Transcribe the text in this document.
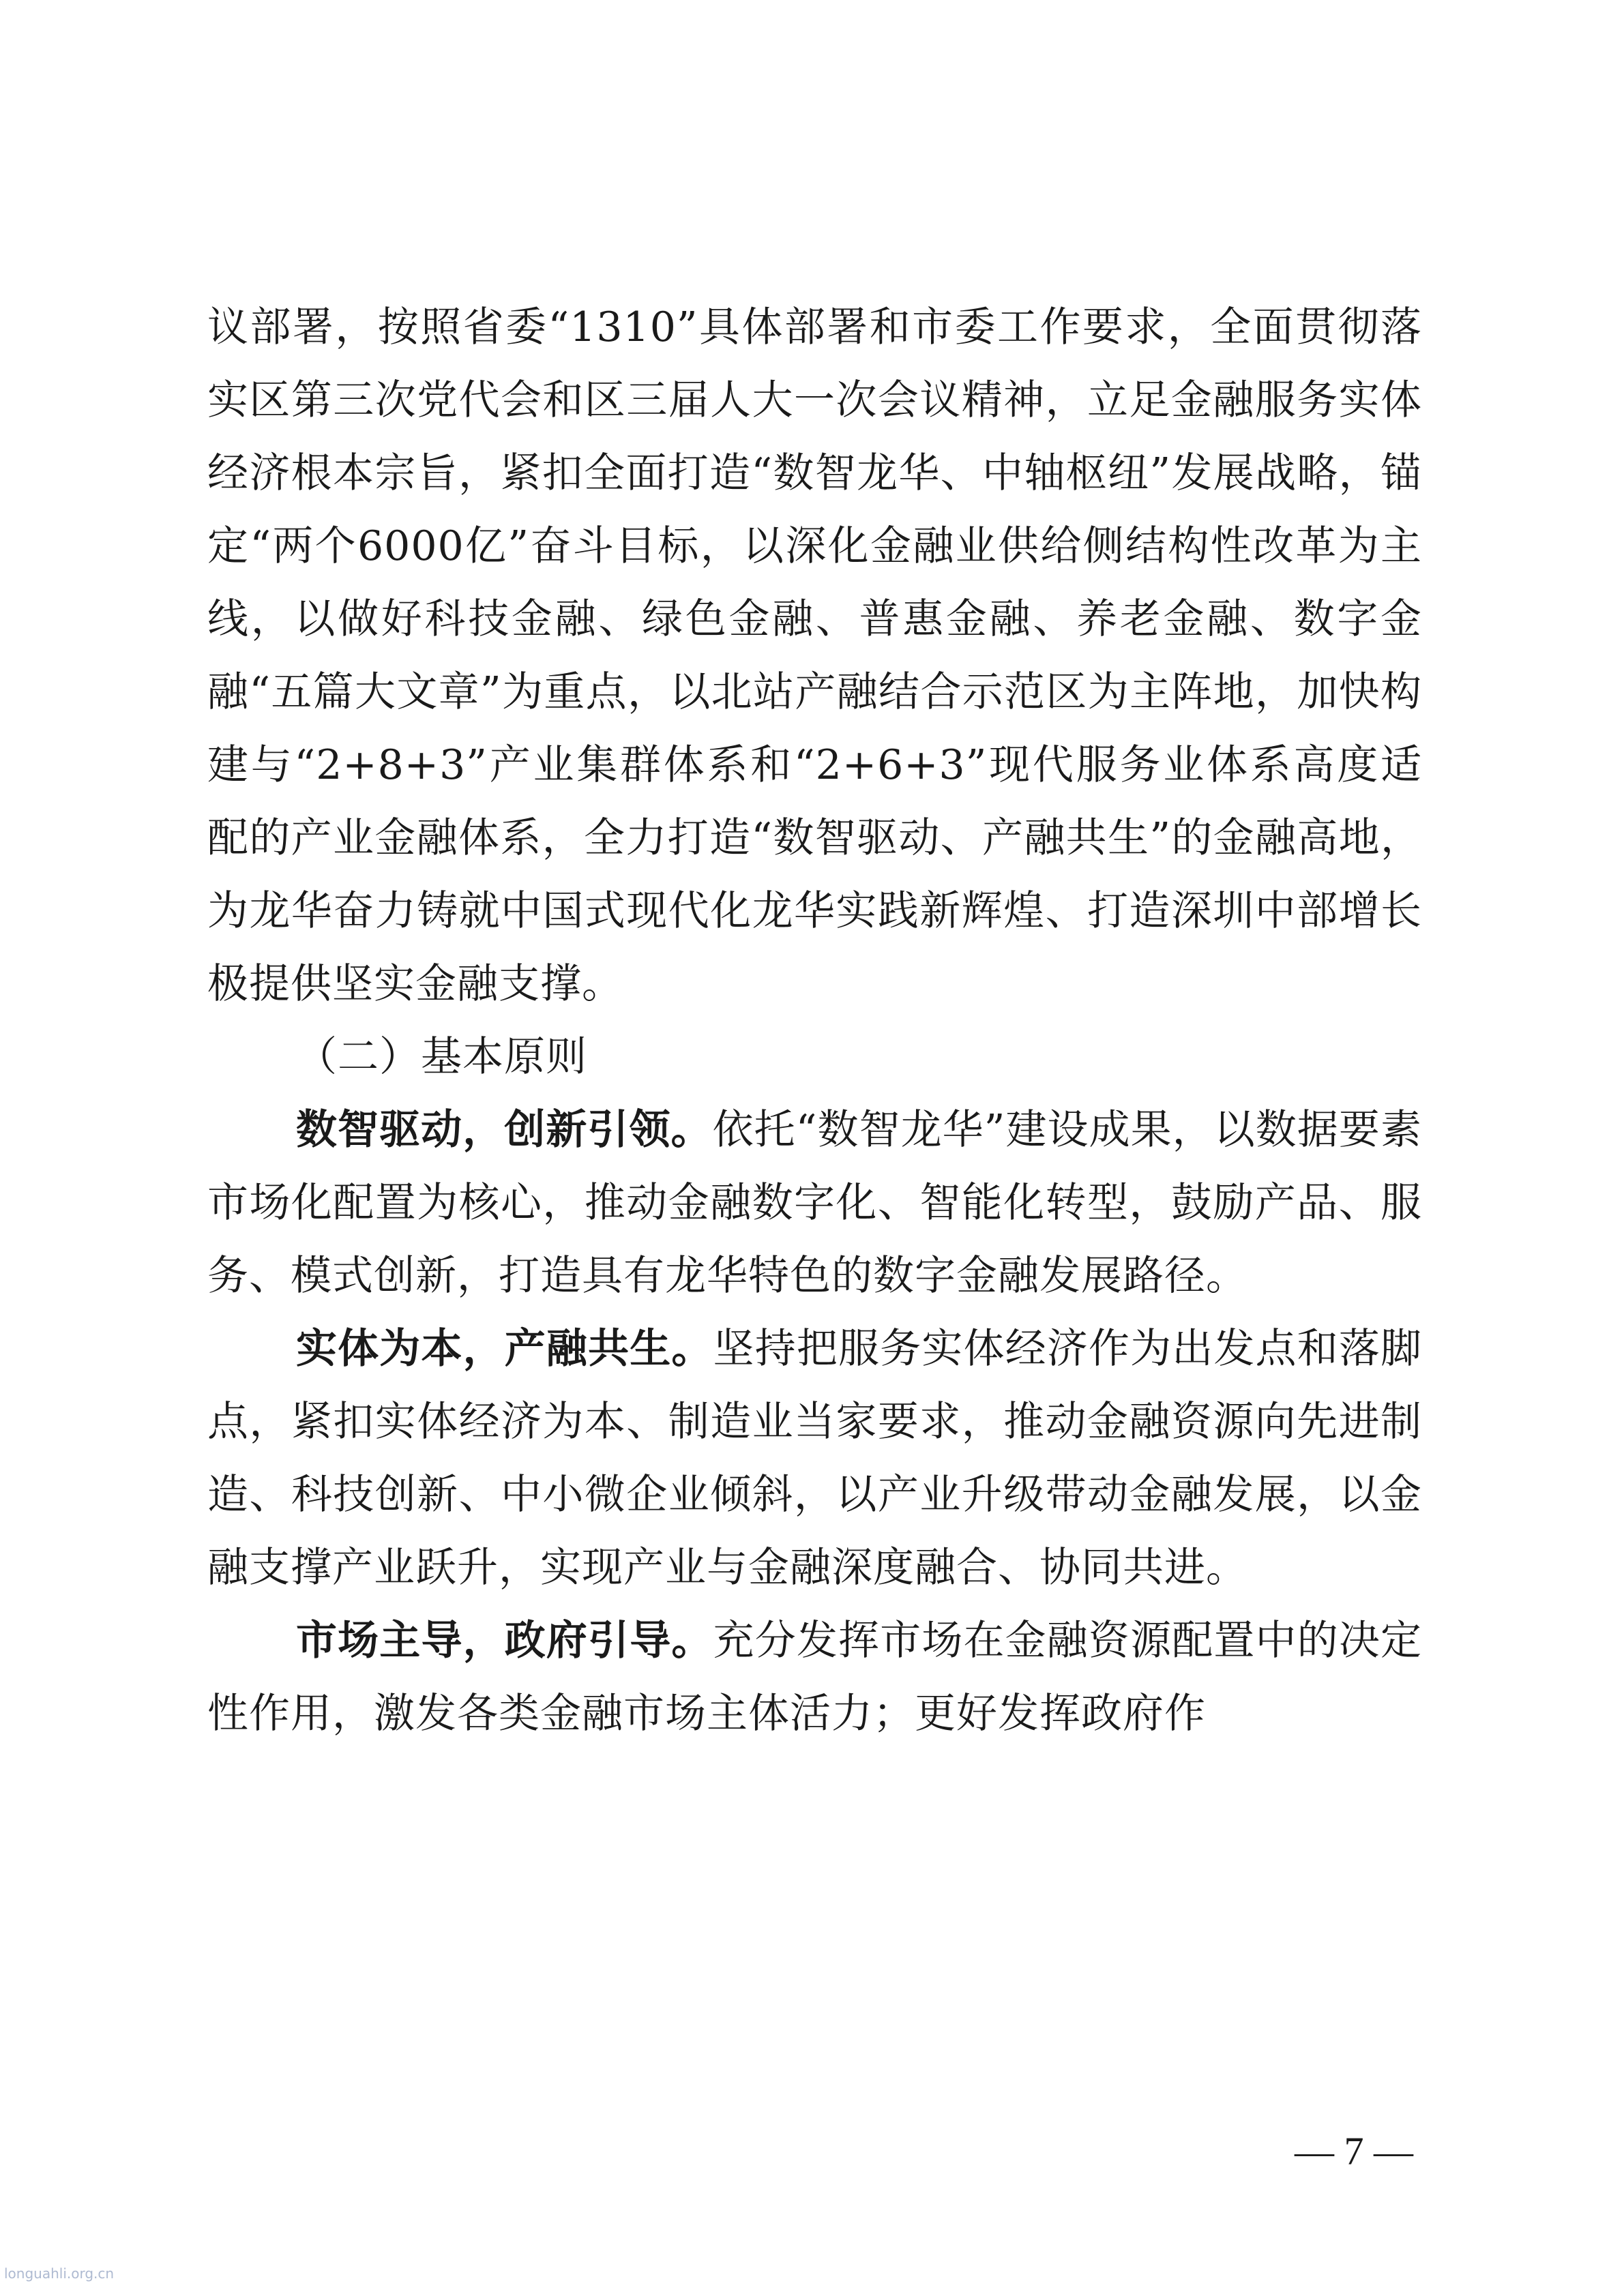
议部署，按照省委“1310”具体部署和市委工作要求，全面贯彻落实区第三次党代会和区三届人大一次会议精神，立足金融服务实体经济根本宗旨，紧扣全面打造“数智龙华、中轴枢纽”发展战略，锚定“两个6000亿”奋斗目标，以深化金融业供给侧结构性改革为主线，以做好科技金融、绿色金融、普惠金融、养老金融、数字金融“五篇大文章”为重点，以北站产融结合示范区为主阵地，加快构建与“2+8+3”产业集群体系和“2+6+3”现代服务业体系高度适配的产业金融体系，全力打造“数智驱动、产融共生”的金融高地，为龙华奋力铸就中国式现代化龙华实践新辉煌、打造深圳中部增长极提供坚实金融支撑。

（二）基本原则

数智驱动，创新引领。依托“数智龙华”建设成果，以数据要素市场化配置为核心，推动金融数字化、智能化转型，鼓励产品、服务、模式创新，打造具有龙华特色的数字金融发展路径。

实体为本，产融共生。坚持把服务实体经济作为出发点和落脚点，紧扣实体经济为本、制造业当家要求，推动金融资源向先进制造、科技创新、中小微企业倾斜，以产业升级带动金融发展，以金融支撑产业跃升，实现产业与金融深度融合、协同共进。

市场主导，政府引导。充分发挥市场在金融资源配置中的决定性作用，激发各类金融市场主体活力；更好发挥政府作

— 7 —
longuahli.org.cn
